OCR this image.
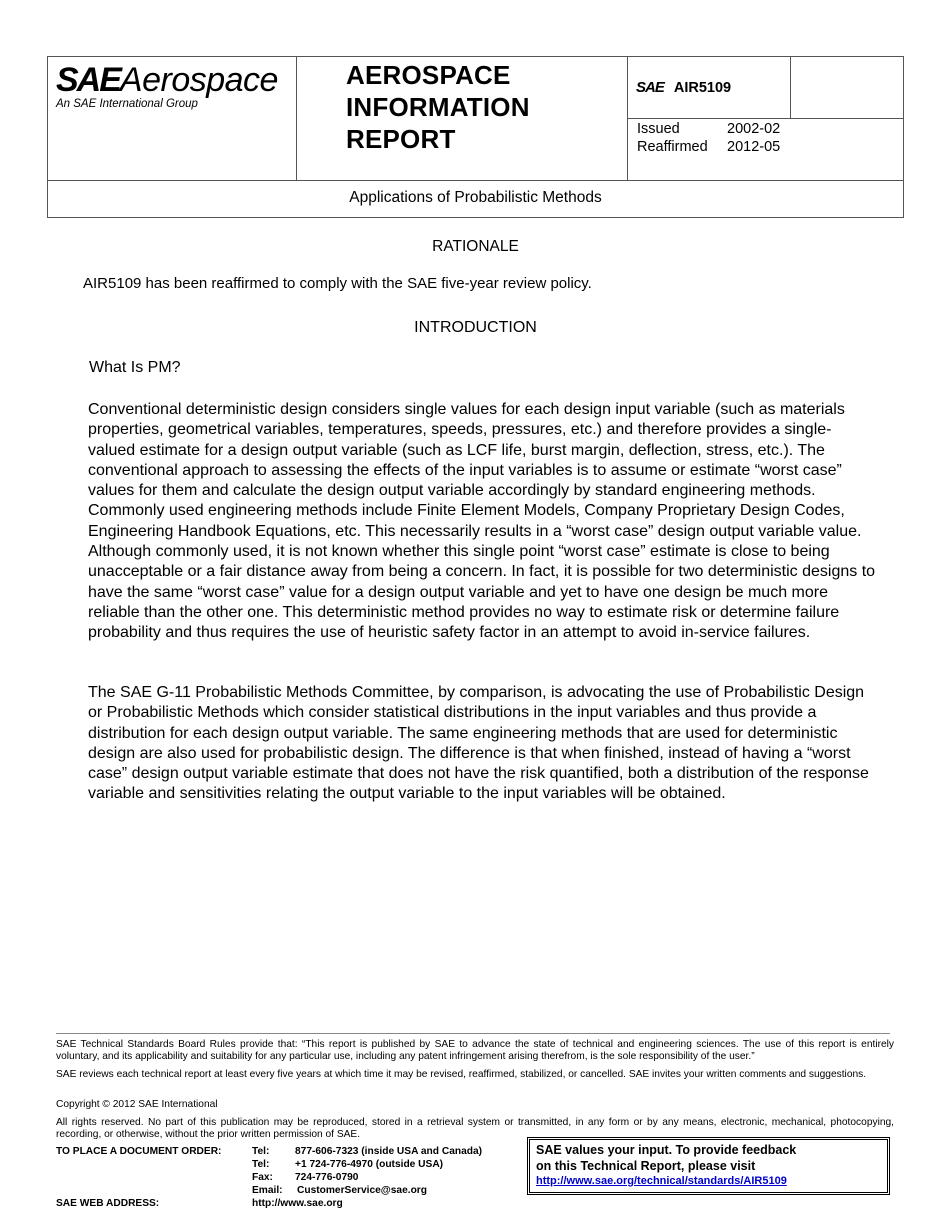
SAEAerospace
An SAE International Group
AEROSPACE
INFORMATION
REPORT
SAE AIR5109
Issued	2002-02
Reaffirmed 2012-05
Applications of Probabilistic Methods
RATIONALE
AIR5109 has been reaffirmed to comply with the SAE five-year review policy.
INTRODUCTION
What Is PM?
Conventional deterministic design considers single values for each design input variable (such as materials properties, geometrical variables, temperatures, speeds, pressures, etc.) and therefore provides a single-valued estimate for a design output variable (such as LCF life, burst margin, deflection, stress, etc.). The conventional approach to assessing the effects of the input variables is to assume or estimate “worst case” values for them and calculate the design output variable accordingly by standard engineering methods. Commonly used engineering methods include Finite Element Models, Company Proprietary Design Codes, Engineering Handbook Equations, etc. This necessarily results in a “worst case” design output variable value. Although commonly used, it is not known whether this single point “worst case” estimate is close to being unacceptable or a fair distance away from being a concern. In fact, it is possible for two deterministic designs to have the same “worst case” value for a design output variable and yet to have one design be much more reliable than the other one. This deterministic method provides no way to estimate risk or determine failure probability and thus requires the use of heuristic safety factor in an attempt to avoid in-service failures.
The SAE G-11 Probabilistic Methods Committee, by comparison, is advocating the use of Probabilistic Design or Probabilistic Methods which consider statistical distributions in the input variables and thus provide a distribution for each design output variable. The same engineering methods that are used for deterministic design are also used for probabilistic design. The difference is that when finished, instead of having a “worst case” design output variable estimate that does not have the risk quantified, both a distribution of the response variable and sensitivities relating the output variable to the input variables will be obtained.
SAE Technical Standards Board Rules provide that: “This report is published by SAE to advance the state of technical and engineering sciences. The use of this report is entirely voluntary, and its applicability and suitability for any particular use, including any patent infringement arising therefrom, is the sole responsibility of the user.”
SAE reviews each technical report at least every five years at which time it may be revised, reaffirmed, stabilized, or cancelled. SAE invites your written comments and suggestions.
Copyright © 2012 SAE International
All rights reserved. No part of this publication may be reproduced, stored in a retrieval system or transmitted, in any form or by any means, electronic, mechanical, photocopying, recording, or otherwise, without the prior written permission of SAE.
TO PLACE A DOCUMENT ORDER:	Tel:	877-606-7323 (inside USA and Canada)
Tel:	+1 724-776-4970 (outside USA)
Fax: 724-776-0790
Email: CustomerService@sae.org
SAE WEB ADDRESS:	http://www.sae.org
SAE values your input. To provide feedback
on this Technical Report, please visit
http://www.sae.org/technical/standards/AIR5109
